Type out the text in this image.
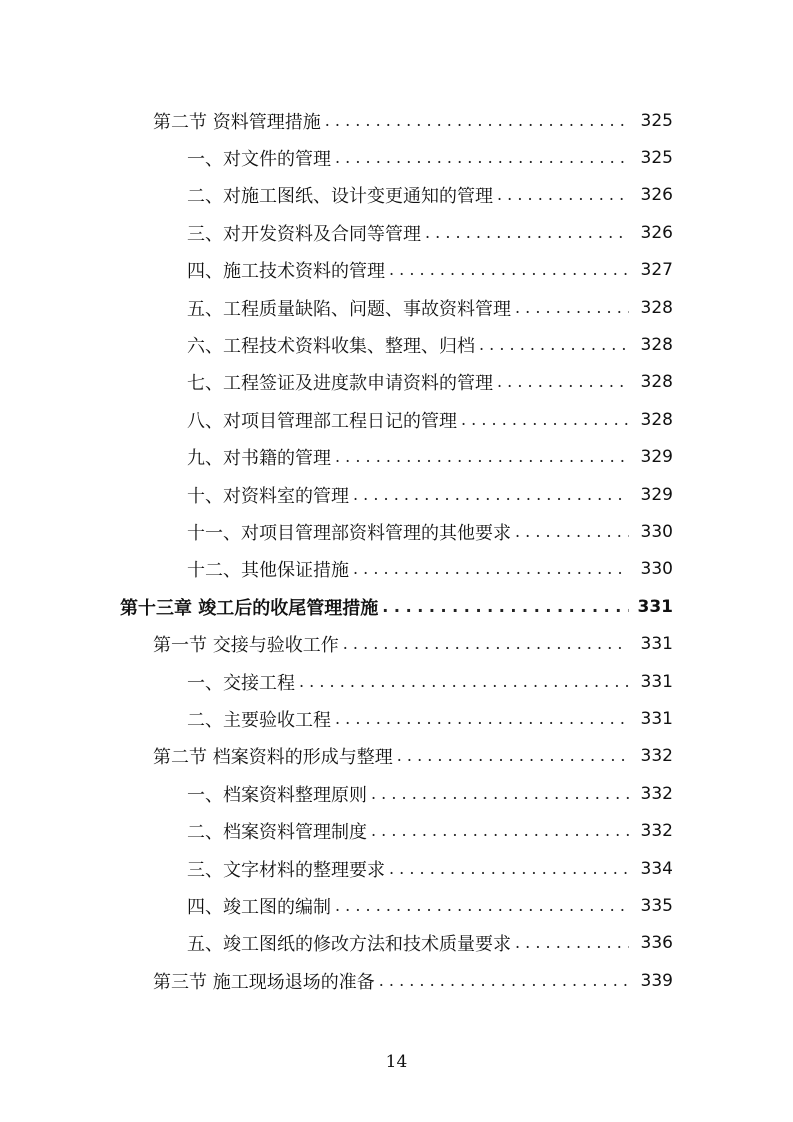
第二节 资料管理措施 . . .	325
一、对文件的管理 . . .	325
二、对施工图纸、设计变更通知的管理 . . .	326
三、对开发资料及合同等管理 . . .	326
四、施工技术资料的管理 . . .	327
五、工程质量缺陷、问题、事故资料管理 . . .	328
六、工程技术资料收集、整理、归档 . . .	328
七、工程签证及进度款申请资料的管理 . . .	328
八、对项目管理部工程日记的管理 . . .	328
九、对书籍的管理 . . .	329
十、对资料室的管理 . . .	329
十一、对项目管理部资料管理的其他要求 . . .	330
十二、其他保证措施 . . .	330
第十三章 竣工后的收尾管理措施 . . .	331
第一节 交接与验收工作 . . .	331
一、交接工程 . . .	331
二、主要验收工程 . . .	331
第二节 档案资料的形成与整理 . . .	332
一、档案资料整理原则 . . .	332
二、档案资料管理制度 . . .	332
三、文字材料的整理要求 . . .	334
四、竣工图的编制 . . .	335
五、竣工图纸的修改方法和技术质量要求 . . .	336
第三节 施工现场退场的准备 . . .	339
14
